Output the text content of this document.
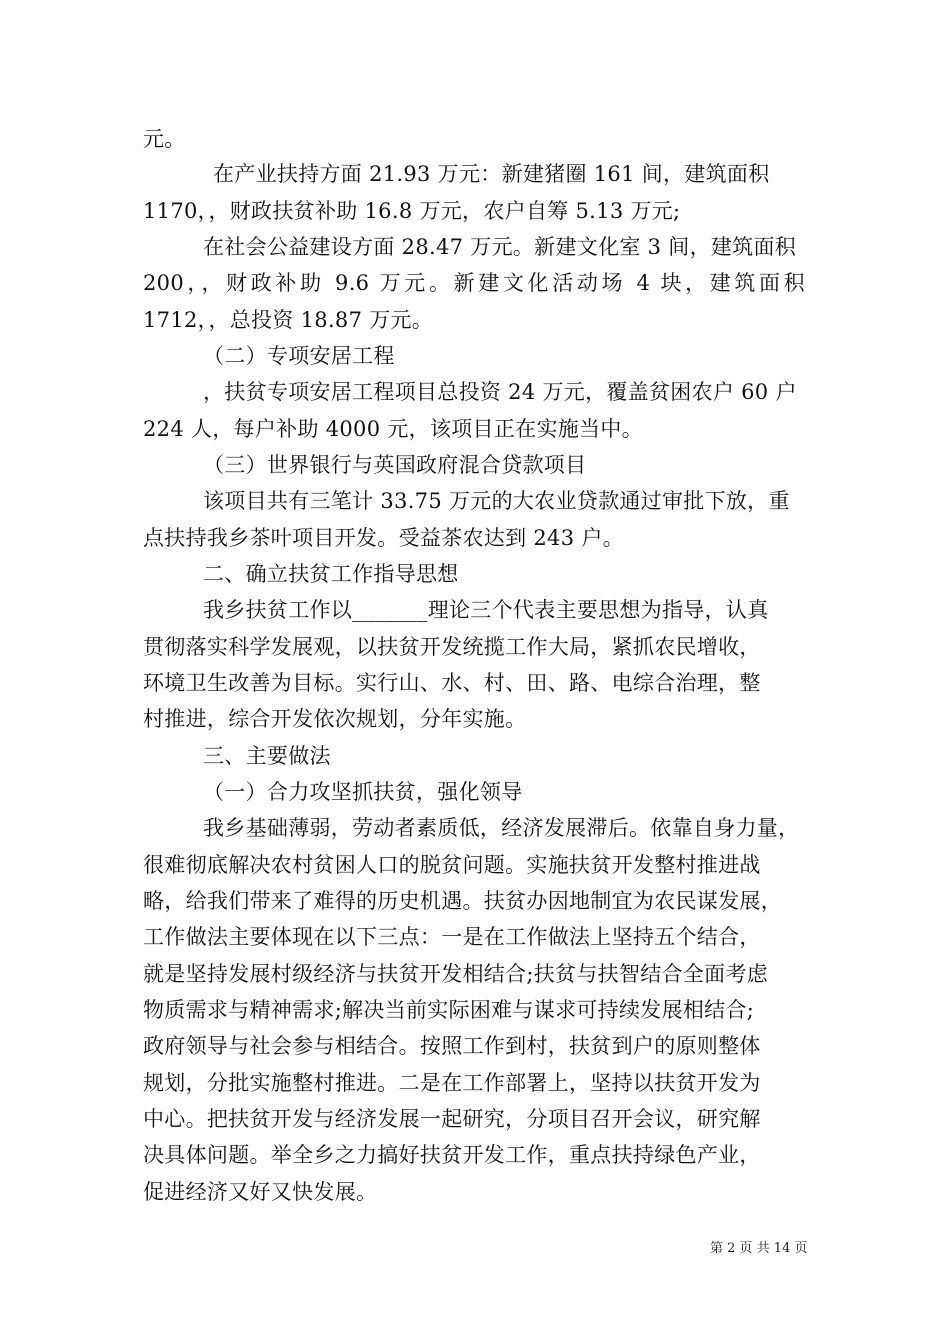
元。
在产业扶持方面 21.93 万元：新建猪圈 161 间，建筑面积
1170，，财政扶贫补助 16.8 万元，农户自筹 5.13 万元;
在社会公益建设方面 28.47 万元。新建文化室 3 间，建筑面积
200，，财政补助 9.6 万元。新建文化活动场 4 块，建筑面积
1712，，总投资 18.87 万元。
（二）专项安居工程
，扶贫专项安居工程项目总投资 24 万元，覆盖贫困农户 60 户
224 人，每户补助 4000 元，该项目正在实施当中。
（三）世界银行与英国政府混合贷款项目
该项目共有三笔计 33.75 万元的大农业贷款通过审批下放，重
点扶持我乡茶叶项目开发。受益茶农达到 243 户。
二、确立扶贫工作指导思想
我乡扶贫工作以_______理论三个代表主要思想为指导，认真
贯彻落实科学发展观，以扶贫开发统揽工作大局，紧抓农民增收，
环境卫生改善为目标。实行山、水、村、田、路、电综合治理，整
村推进，综合开发依次规划，分年实施。
三、主要做法
（一）合力攻坚抓扶贫，强化领导
我乡基础薄弱，劳动者素质低，经济发展滞后。依靠自身力量，
很难彻底解决农村贫困人口的脱贫问题。实施扶贫开发整村推进战
略，给我们带来了难得的历史机遇。扶贫办因地制宜为农民谋发展，
工作做法主要体现在以下三点：一是在工作做法上坚持五个结合，
就是坚持发展村级经济与扶贫开发相结合;扶贫与扶智结合全面考虑
物质需求与精神需求;解决当前实际困难与谋求可持续发展相结合;
政府领导与社会参与相结合。按照工作到村，扶贫到户的原则整体
规划，分批实施整村推进。二是在工作部署上，坚持以扶贫开发为
中心。把扶贫开发与经济发展一起研究，分项目召开会议，研究解
决具体问题。举全乡之力搞好扶贫开发工作，重点扶持绿色产业，
促进经济又好又快发展。
第 2 页 共 14 页
